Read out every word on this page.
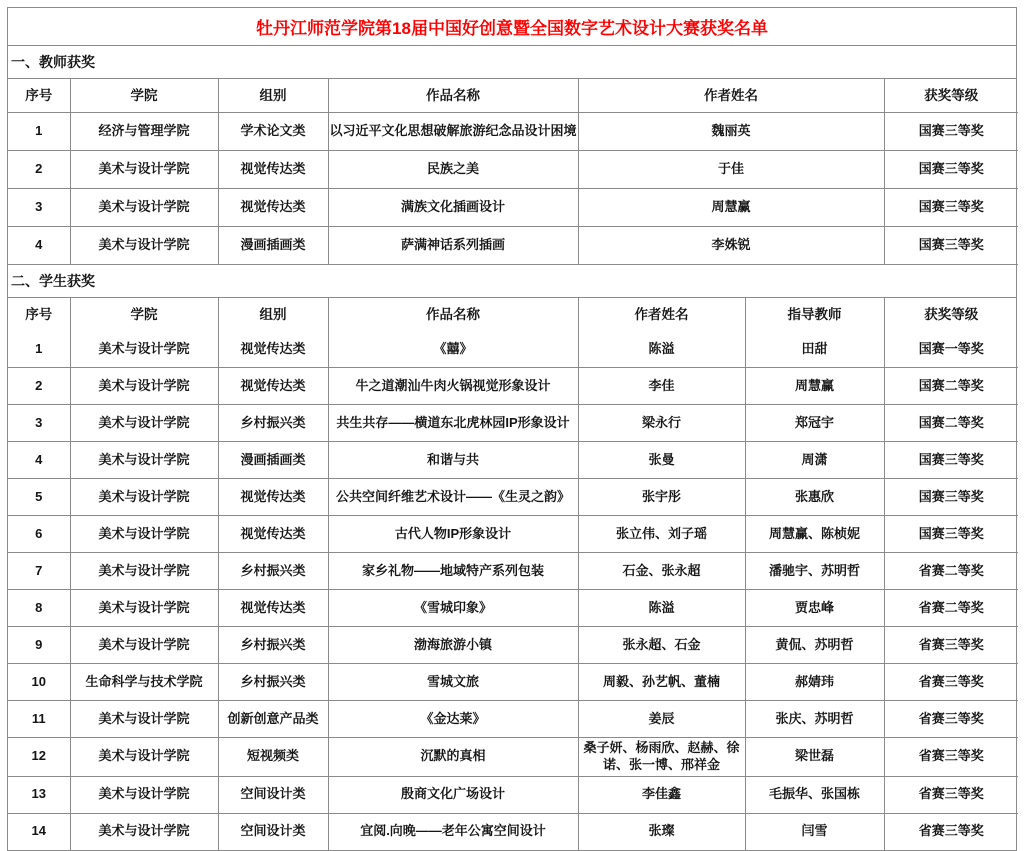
牡丹江师范学院第18届中国好创意暨全国数字艺术设计大赛获奖名单
一、教师获奖
序号	学院	组别	作品名称	作者姓名	获奖等级
1	经济与管理学院	学术论文类	以习近平文化思想破解旅游纪念品设计困境	魏丽英	国赛三等奖
2	美术与设计学院	视觉传达类	民族之美	于佳	国赛三等奖
3	美术与设计学院	视觉传达类	满族文化插画设计	周慧赢	国赛三等奖
4	美术与设计学院	漫画插画类	萨满神话系列插画	李姝锐	国赛三等奖
二、学生获奖
序号	学院	组别	作品名称	作者姓名	指导教师	获奖等级
1	美术与设计学院	视觉传达类	《囍》	陈溢	田甜	国赛一等奖
2	美术与设计学院	视觉传达类	牛之道潮汕牛肉火锅视觉形象设计	李佳	周慧赢	国赛二等奖
3	美术与设计学院	乡村振兴类	共生共存——横道东北虎林园IP形象设计	梁永行	郑冠宇	国赛二等奖
4	美术与设计学院	漫画插画类	和谐与共	张曼	周潇	国赛三等奖
5	美术与设计学院	视觉传达类	公共空间纤维艺术设计——《生灵之韵》	张宇彤	张惠欣	国赛三等奖
6	美术与设计学院	视觉传达类	古代人物IP形象设计	张立伟、刘子瑶	周慧赢、陈桢妮	国赛三等奖
7	美术与设计学院	乡村振兴类	家乡礼物——地域特产系列包装	石金、张永超	潘驰宇、苏明哲	省赛二等奖
8	美术与设计学院	视觉传达类	《雪城印象》	陈溢	贾忠峰	省赛二等奖
9	美术与设计学院	乡村振兴类	渤海旅游小镇	张永超、石金	黄侃、苏明哲	省赛三等奖
10	生命科学与技术学院	乡村振兴类	雪城文旅	周毅、孙艺帆、董楠	郝婧玮	省赛三等奖
11	美术与设计学院	创新创意产品类	《金达莱》	姜辰	张庆、苏明哲	省赛三等奖
12	美术与设计学院	短视频类	沉默的真相	桑子妍、杨雨欣、赵赫、徐诺、张一博、邢祥金	梁世磊	省赛三等奖
13	美术与设计学院	空间设计类	殷商文化广场设计	李佳鑫	毛振华、张国栋	省赛三等奖
14	美术与设计学院	空间设计类	宜阅.向晚——老年公寓空间设计	张璨	闫雪	省赛三等奖
